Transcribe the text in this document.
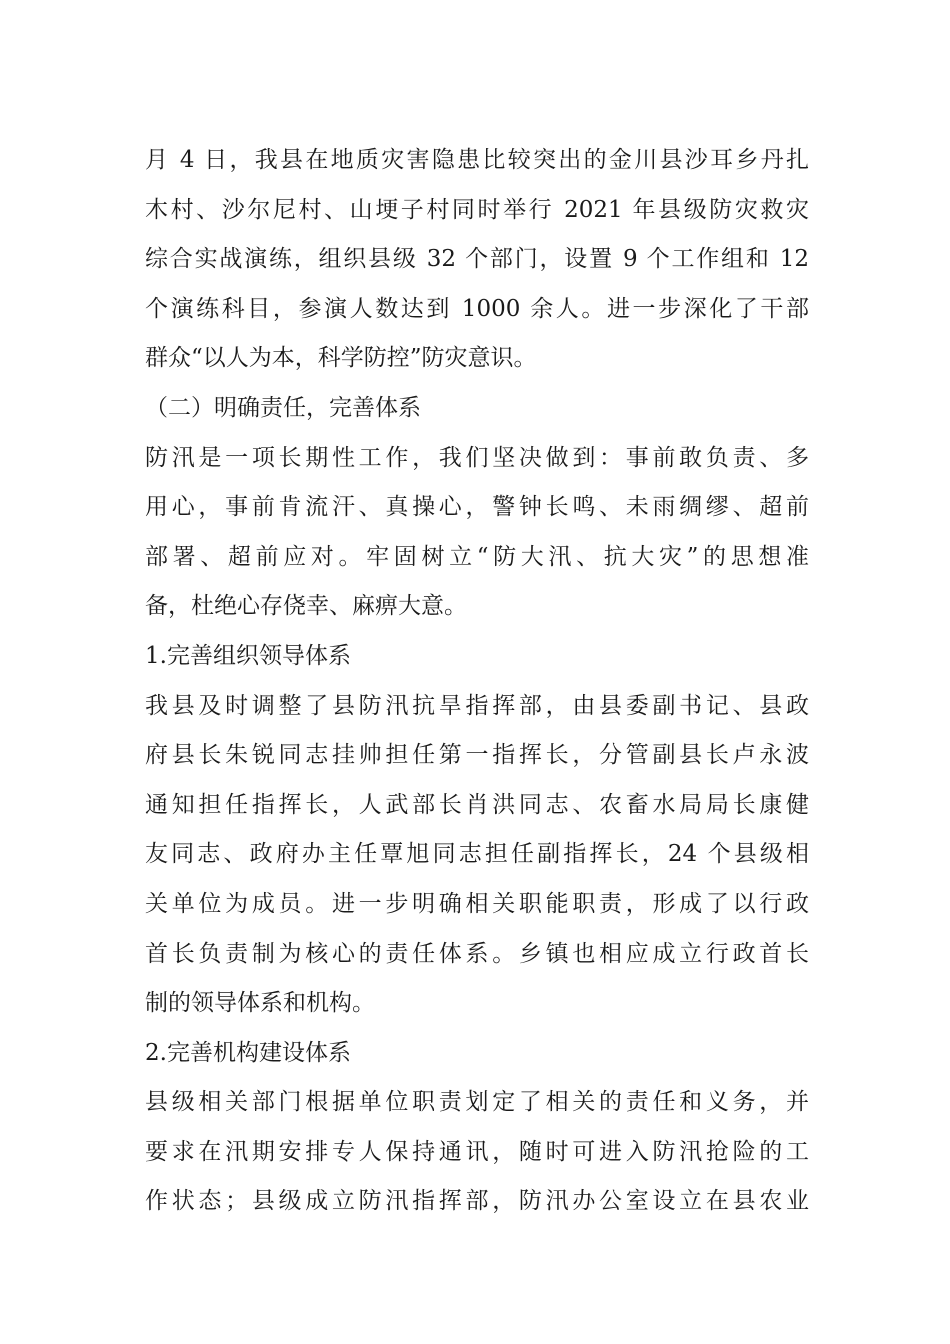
月 4 日，我县在地质灾害隐患比较突出的金川县沙耳乡丹扎
木村、沙尔尼村、山埂子村同时举行 2021 年县级防灾救灾
综合实战演练，组织县级 32 个部门，设置 9 个工作组和 12
个演练科目，参演人数达到 1000 余人。进一步深化了干部
群众“以人为本，科学防控”防灾意识。
（二）明确责任，完善体系
防汛是一项长期性工作，我们坚决做到：事前敢负责、多
用心，事前肯流汗、真操心，警钟长鸣、未雨绸缪、超前
部署、超前应对。牢固树立“防大汛、抗大灾”的思想准
备，杜绝心存侥幸、麻痹大意。
1.完善组织领导体系
我县及时调整了县防汛抗旱指挥部，由县委副书记、县政
府县长朱锐同志挂帅担任第一指挥长，分管副县长卢永波
通知担任指挥长，人武部长肖洪同志、农畜水局局长康健
友同志、政府办主任覃旭同志担任副指挥长，24 个县级相
关单位为成员。进一步明确相关职能职责，形成了以行政
首长负责制为核心的责任体系。乡镇也相应成立行政首长
制的领导体系和机构。
2.完善机构建设体系
县级相关部门根据单位职责划定了相关的责任和义务，并
要求在汛期安排专人保持通讯，随时可进入防汛抢险的工
作状态；县级成立防汛指挥部，防汛办公室设立在县农业
